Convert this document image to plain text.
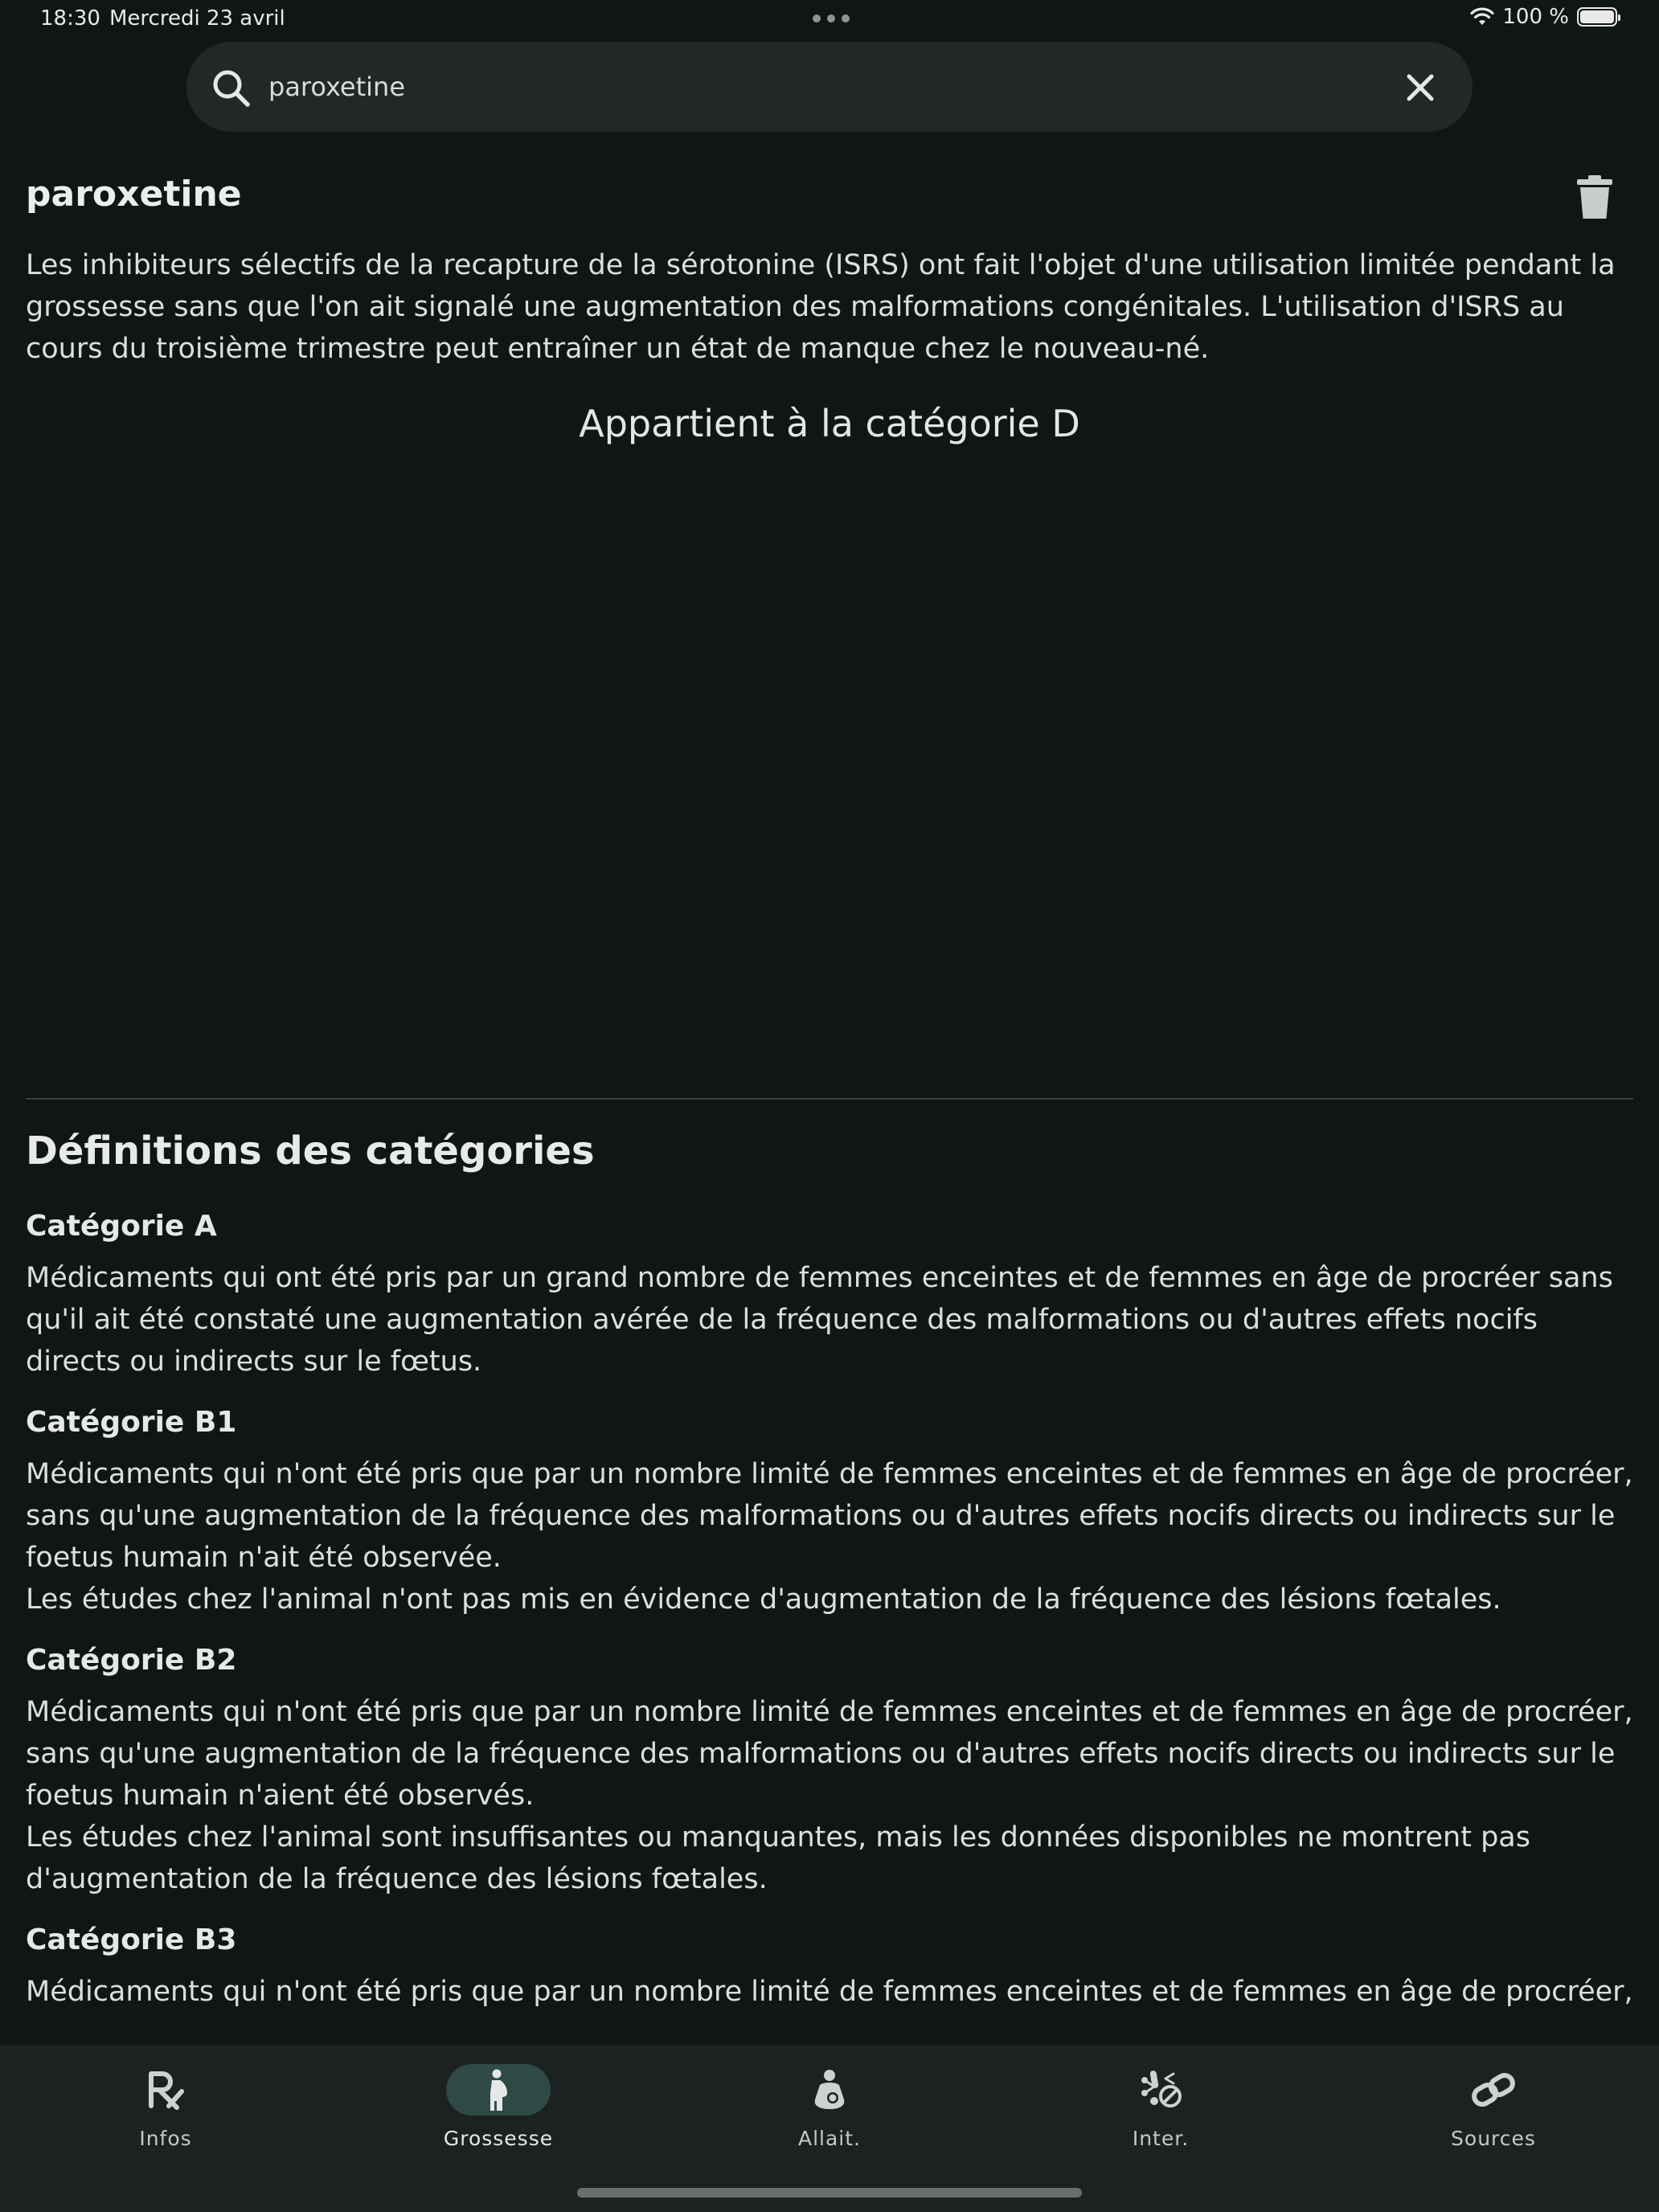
18:30 Mercredi 23 avril	100 %
paroxetine
paroxetine

Les inhibiteurs sélectifs de la recapture de la sérotonine (ISRS) ont fait l'objet d'une utilisation limitée pendant la grossesse sans que l'on ait signalé une augmentation des malformations congénitales. L'utilisation d'ISRS au cours du troisième trimestre peut entraîner un état de manque chez le nouveau-né.

Appartient à la catégorie D
Définitions des catégories
Catégorie A

Médicaments qui ont été pris par un grand nombre de femmes enceintes et de femmes en âge de procréer sans qu'il ait été constaté une augmentation avérée de la fréquence des malformations ou d'autres effets nocifs directs ou indirects sur le fœtus.

Catégorie B1

Médicaments qui n'ont été pris que par un nombre limité de femmes enceintes et de femmes en âge de procréer, sans qu'une augmentation de la fréquence des malformations ou d'autres effets nocifs directs ou indirects sur le foetus humain n'ait été observée.
Les études chez l'animal n'ont pas mis en évidence d'augmentation de la fréquence des lésions fœtales.

Catégorie B2

Médicaments qui n'ont été pris que par un nombre limité de femmes enceintes et de femmes en âge de procréer, sans qu'une augmentation de la fréquence des malformations ou d'autres effets nocifs directs ou indirects sur le foetus humain n'aient été observés.
Les études chez l'animal sont insuffisantes ou manquantes, mais les données disponibles ne montrent pas d'augmentation de la fréquence des lésions fœtales.

Catégorie B3

Médicaments qui n'ont été pris que par un nombre limité de femmes enceintes et de femmes en âge de procréer,

Infos	Grossesse	Allait.	Inter.	Sources
